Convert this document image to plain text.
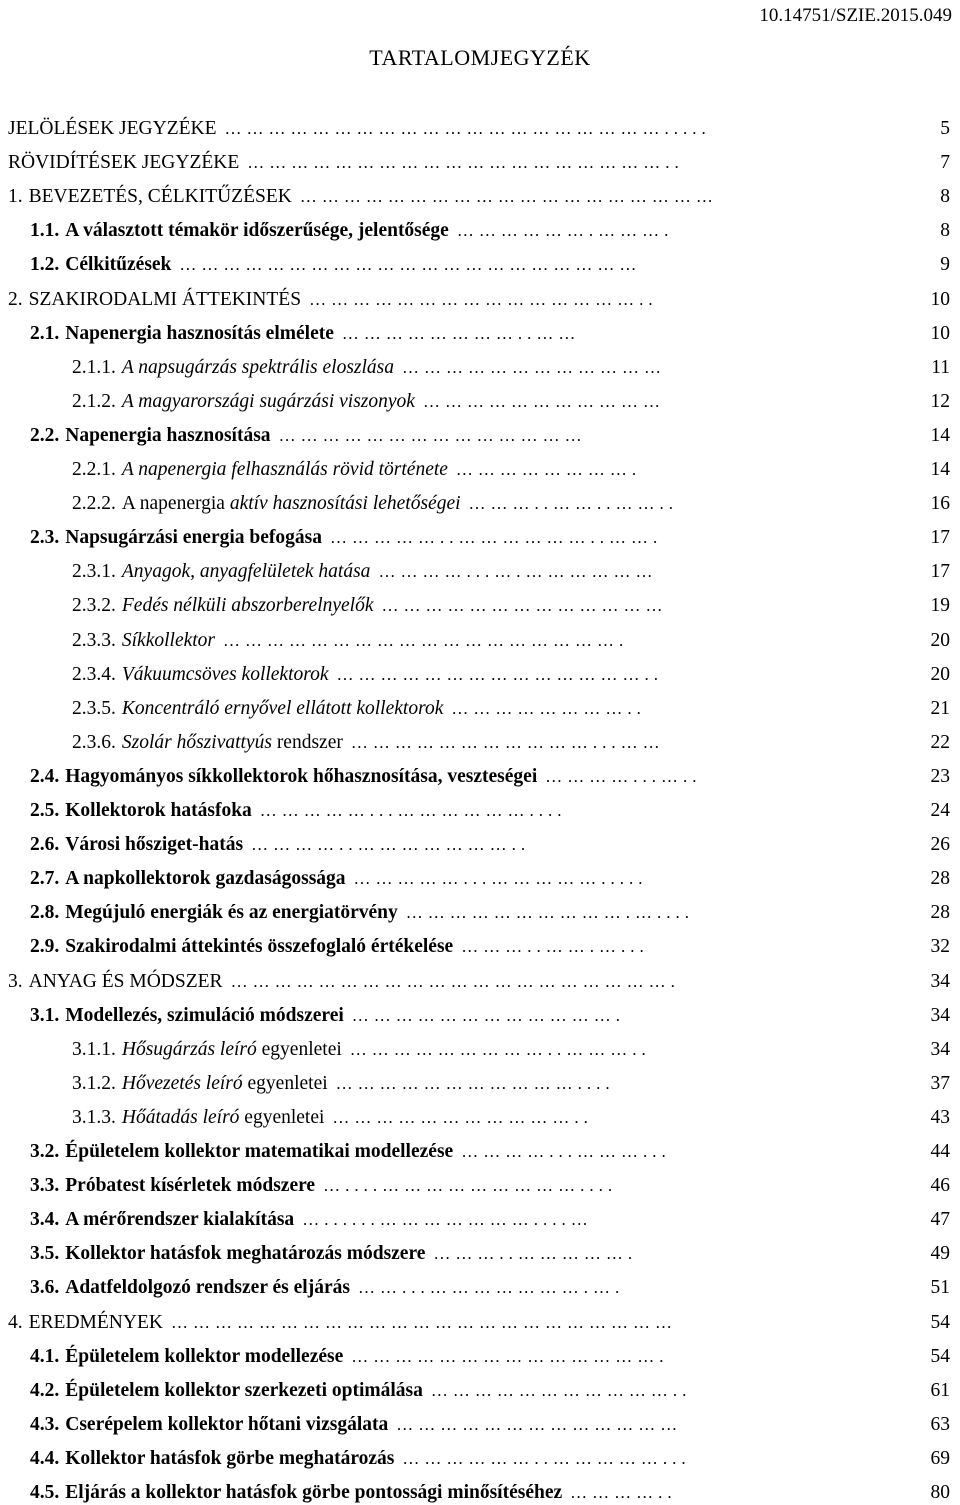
10.14751/SZIE.2015.049
TARTALOMJEGYZÉK
JELÖLÉSEK JEGYZÉKE …………………………………………………….....	5
RÖVIDÍTÉSEK JEGYZÉKE …………………………………………………..	7
1. BEVEZETÉS, CÉLKITŰZÉSEK …………………………………………………	8
1.1. A választott témakör időszerűsége, jelentősége ……………….……….	8
1.2. Célkitűzések ………………………………………………………	9
2. SZAKIRODALMI ÁTTEKINTÉS ………………………………………..	10
2.1. Napenergia hasznosítás elmélete ……………………..……	10
2.1.1. A napsugárzás spektrális eloszlása ………………………………	11
2.1.2. A magyarországi sugárzási viszonyok ……………………………	12
2.2. Napenergia hasznosítása ……………………………………	14
2.2.1. A napenergia felhasználás rövid története …………………….	14
2.2.2. A napenergia aktív hasznosítási lehetőségei ………..……..……..	16
2.3. Napsugárzási energia befogása ……………..………………..…….	17
2.3.1. Anyagok, anyagfelületek hatása …………...….………………	17
2.3.2. Fedés nélküli abszorberelnyelők …………………………………	19
2.3.3. Síkkollektor ……………………………………………….	20
2.3.4. Vákuumcsöves kollektorok ……………………………………..	20
2.3.5. Koncentráló ernyővel ellátott kollektorok ……………………..	21
2.3.6. Szolár hőszivattyús rendszer ……………………………...……	22
2.4. Hagyományos síkkollektorok hőhasznosítása, veszteségei …………...…..	23
2.5. Kollektorok hatásfoka ……………...………………....	24
2.6. Városi hősziget-hatás …………..…………………..	26
2.7. A napkollektorok gazdaságossága ……………...…………….....	28
2.8. Megújuló energiák és az energiatörvény ………………………….…....	28
2.9. Szakirodalmi áttekintés összefoglaló értékelése ………..…….…...	32
3. ANYAG ÉS MÓDSZER …………………………………………………….	34
3.1. Modellezés, szimuláció módszerei ……………………………….	34
3.1.1. Hősugárzás leíró egyenletei ………………………..………..	34
3.1.2. Hővezetés leíró egyenletei ……………………………....	37
3.1.3. Hőátadás leíró egyenletei ……………………………..	43
3.2. Épületelem kollektor matematikai modellezése …………...………...	44
3.3. Próbatest kísérletek módszere …....………………………....	46
3.4. A mérőrendszer kialakítása …......…………………....…	47
3.5. Kollektor hatásfok meghatározás módszere ………..…………….	49
3.6. Adatfeldolgozó rendszer és eljárás ……...………………….….	51
4. EREDMÉNYEK ……………………………………………………………	54
4.1. Épületelem kollektor modellezése …………………………………….	54
4.2. Épületelem kollektor szerkezeti optimálása ……………………………..	61
4.3. Cserépelem kollektor hőtani vizsgálata …………………………………	63
4.4. Kollektor hatásfok görbe meghatározás ………………..……………...	69
4.5. Eljárás a kollektor hatásfok görbe pontossági minősítéséhez …………..	80
